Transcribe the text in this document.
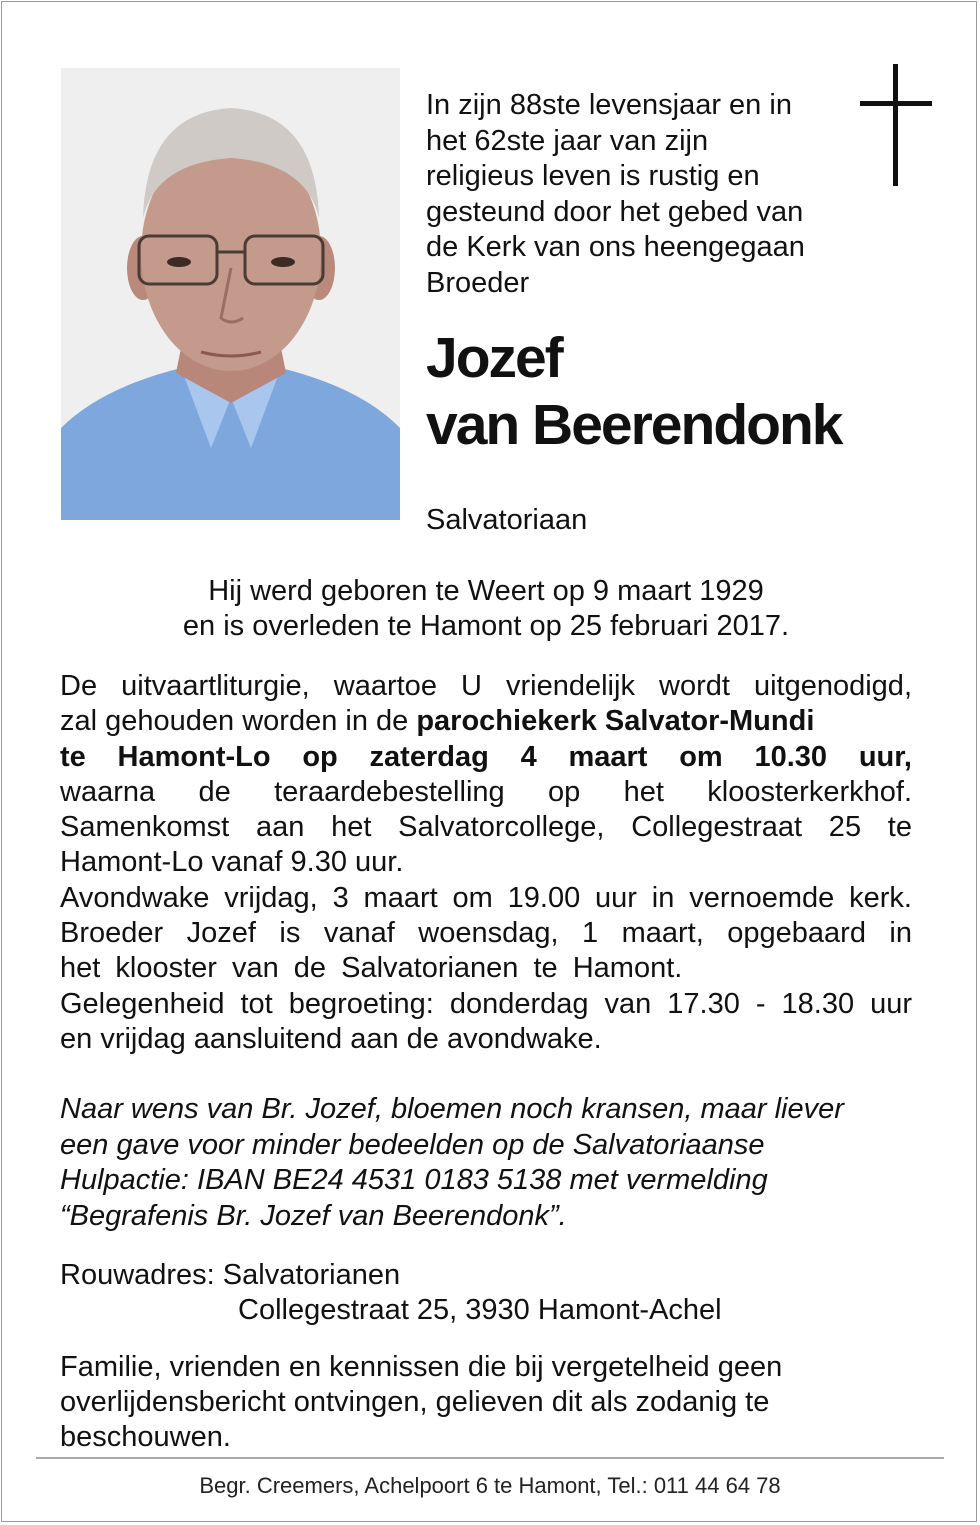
In zijn 88ste levensjaar en in
het 62ste jaar van zijn
religieus leven is rustig en
gesteund door het gebed van
de Kerk van ons heengegaan
Broeder
Jozef
van Beerendonk
Salvatoriaan
Hij werd geboren te Weert op 9 maart 1929
en is overleden te Hamont op 25 februari 2017.
De uitvaartliturgie, waartoe U vriendelijk wordt uitgenodigd,
zal gehouden worden in de parochiekerk Salvator-Mundi
te Hamont-Lo op zaterdag 4 maart om 10.30 uur,
waarna de teraardebestelling op het kloosterkerkhof.
Samenkomst aan het Salvatorcollege, Collegestraat 25 te
Hamont-Lo vanaf 9.30 uur.
Avondwake vrijdag, 3 maart om 19.00 uur in vernoemde kerk.
Broeder Jozef is vanaf woensdag, 1 maart, opgebaard in
het klooster van de Salvatorianen te Hamont.
Gelegenheid tot begroeting: donderdag van 17.30 - 18.30 uur
en vrijdag aansluitend aan de avondwake.
Naar wens van Br. Jozef, bloemen noch kransen, maar liever
een gave voor minder bedeelden op de Salvatoriaanse
Hulpactie: IBAN BE24 4531 0183 5138 met vermelding
“Begrafenis Br. Jozef van Beerendonk”.
Rouwadres: Salvatorianen
Collegestraat 25, 3930 Hamont-Achel
Familie, vrienden en kennissen die bij vergetelheid geen
overlijdensbericht ontvingen, gelieven dit als zodanig te
beschouwen.
Begr. Creemers, Achelpoort 6 te Hamont, Tel.: 011 44 64 78
